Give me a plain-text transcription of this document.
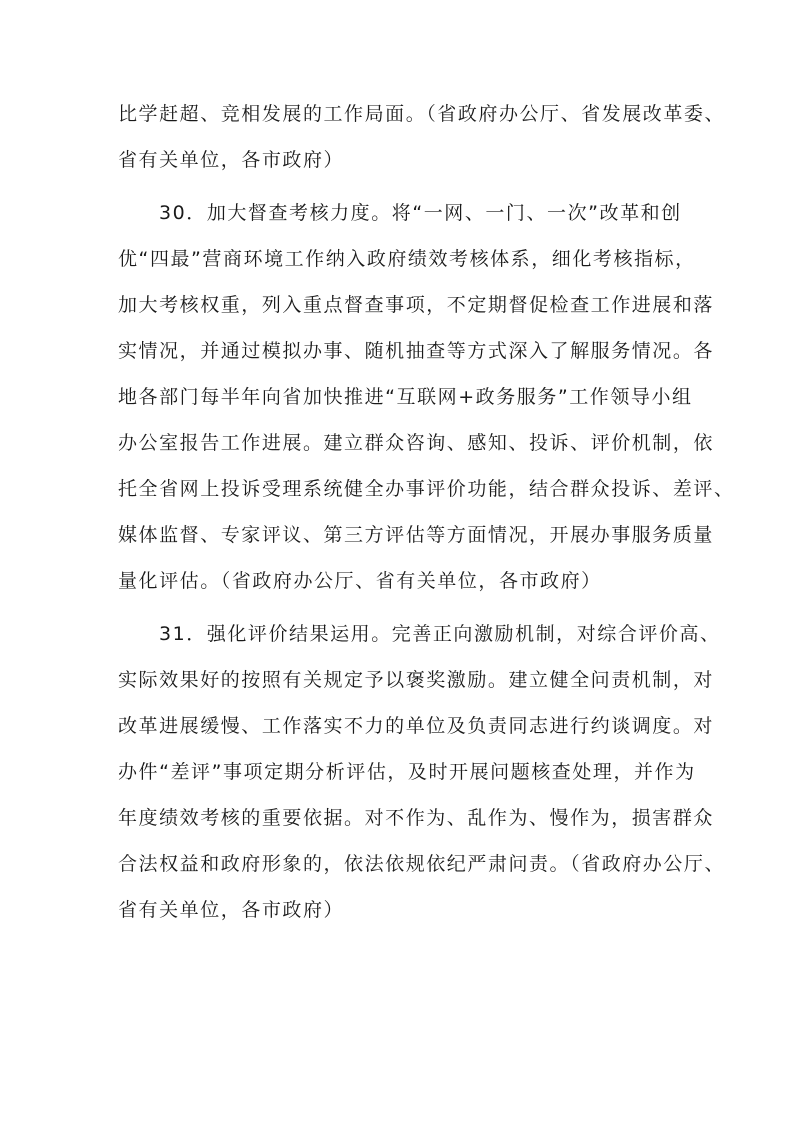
比学赶超、竞相发展的工作局面。（省政府办公厅、省发展改革委、
省有关单位，各市政府）
30．加大督查考核力度。将“一网、一门、一次”改革和创
优“四最”营商环境工作纳入政府绩效考核体系，细化考核指标，
加大考核权重，列入重点督查事项，不定期督促检查工作进展和落
实情况，并通过模拟办事、随机抽查等方式深入了解服务情况。各
地各部门每半年向省加快推进“互联网+政务服务”工作领导小组
办公室报告工作进展。建立群众咨询、感知、投诉、评价机制，依
托全省网上投诉受理系统健全办事评价功能，结合群众投诉、差评、
媒体监督、专家评议、第三方评估等方面情况，开展办事服务质量
量化评估。（省政府办公厅、省有关单位，各市政府）
31．强化评价结果运用。完善正向激励机制，对综合评价高、
实际效果好的按照有关规定予以褒奖激励。建立健全问责机制，对
改革进展缓慢、工作落实不力的单位及负责同志进行约谈调度。对
办件“差评”事项定期分析评估，及时开展问题核查处理，并作为
年度绩效考核的重要依据。对不作为、乱作为、慢作为，损害群众
合法权益和政府形象的，依法依规依纪严肃问责。（省政府办公厅、
省有关单位，各市政府）
